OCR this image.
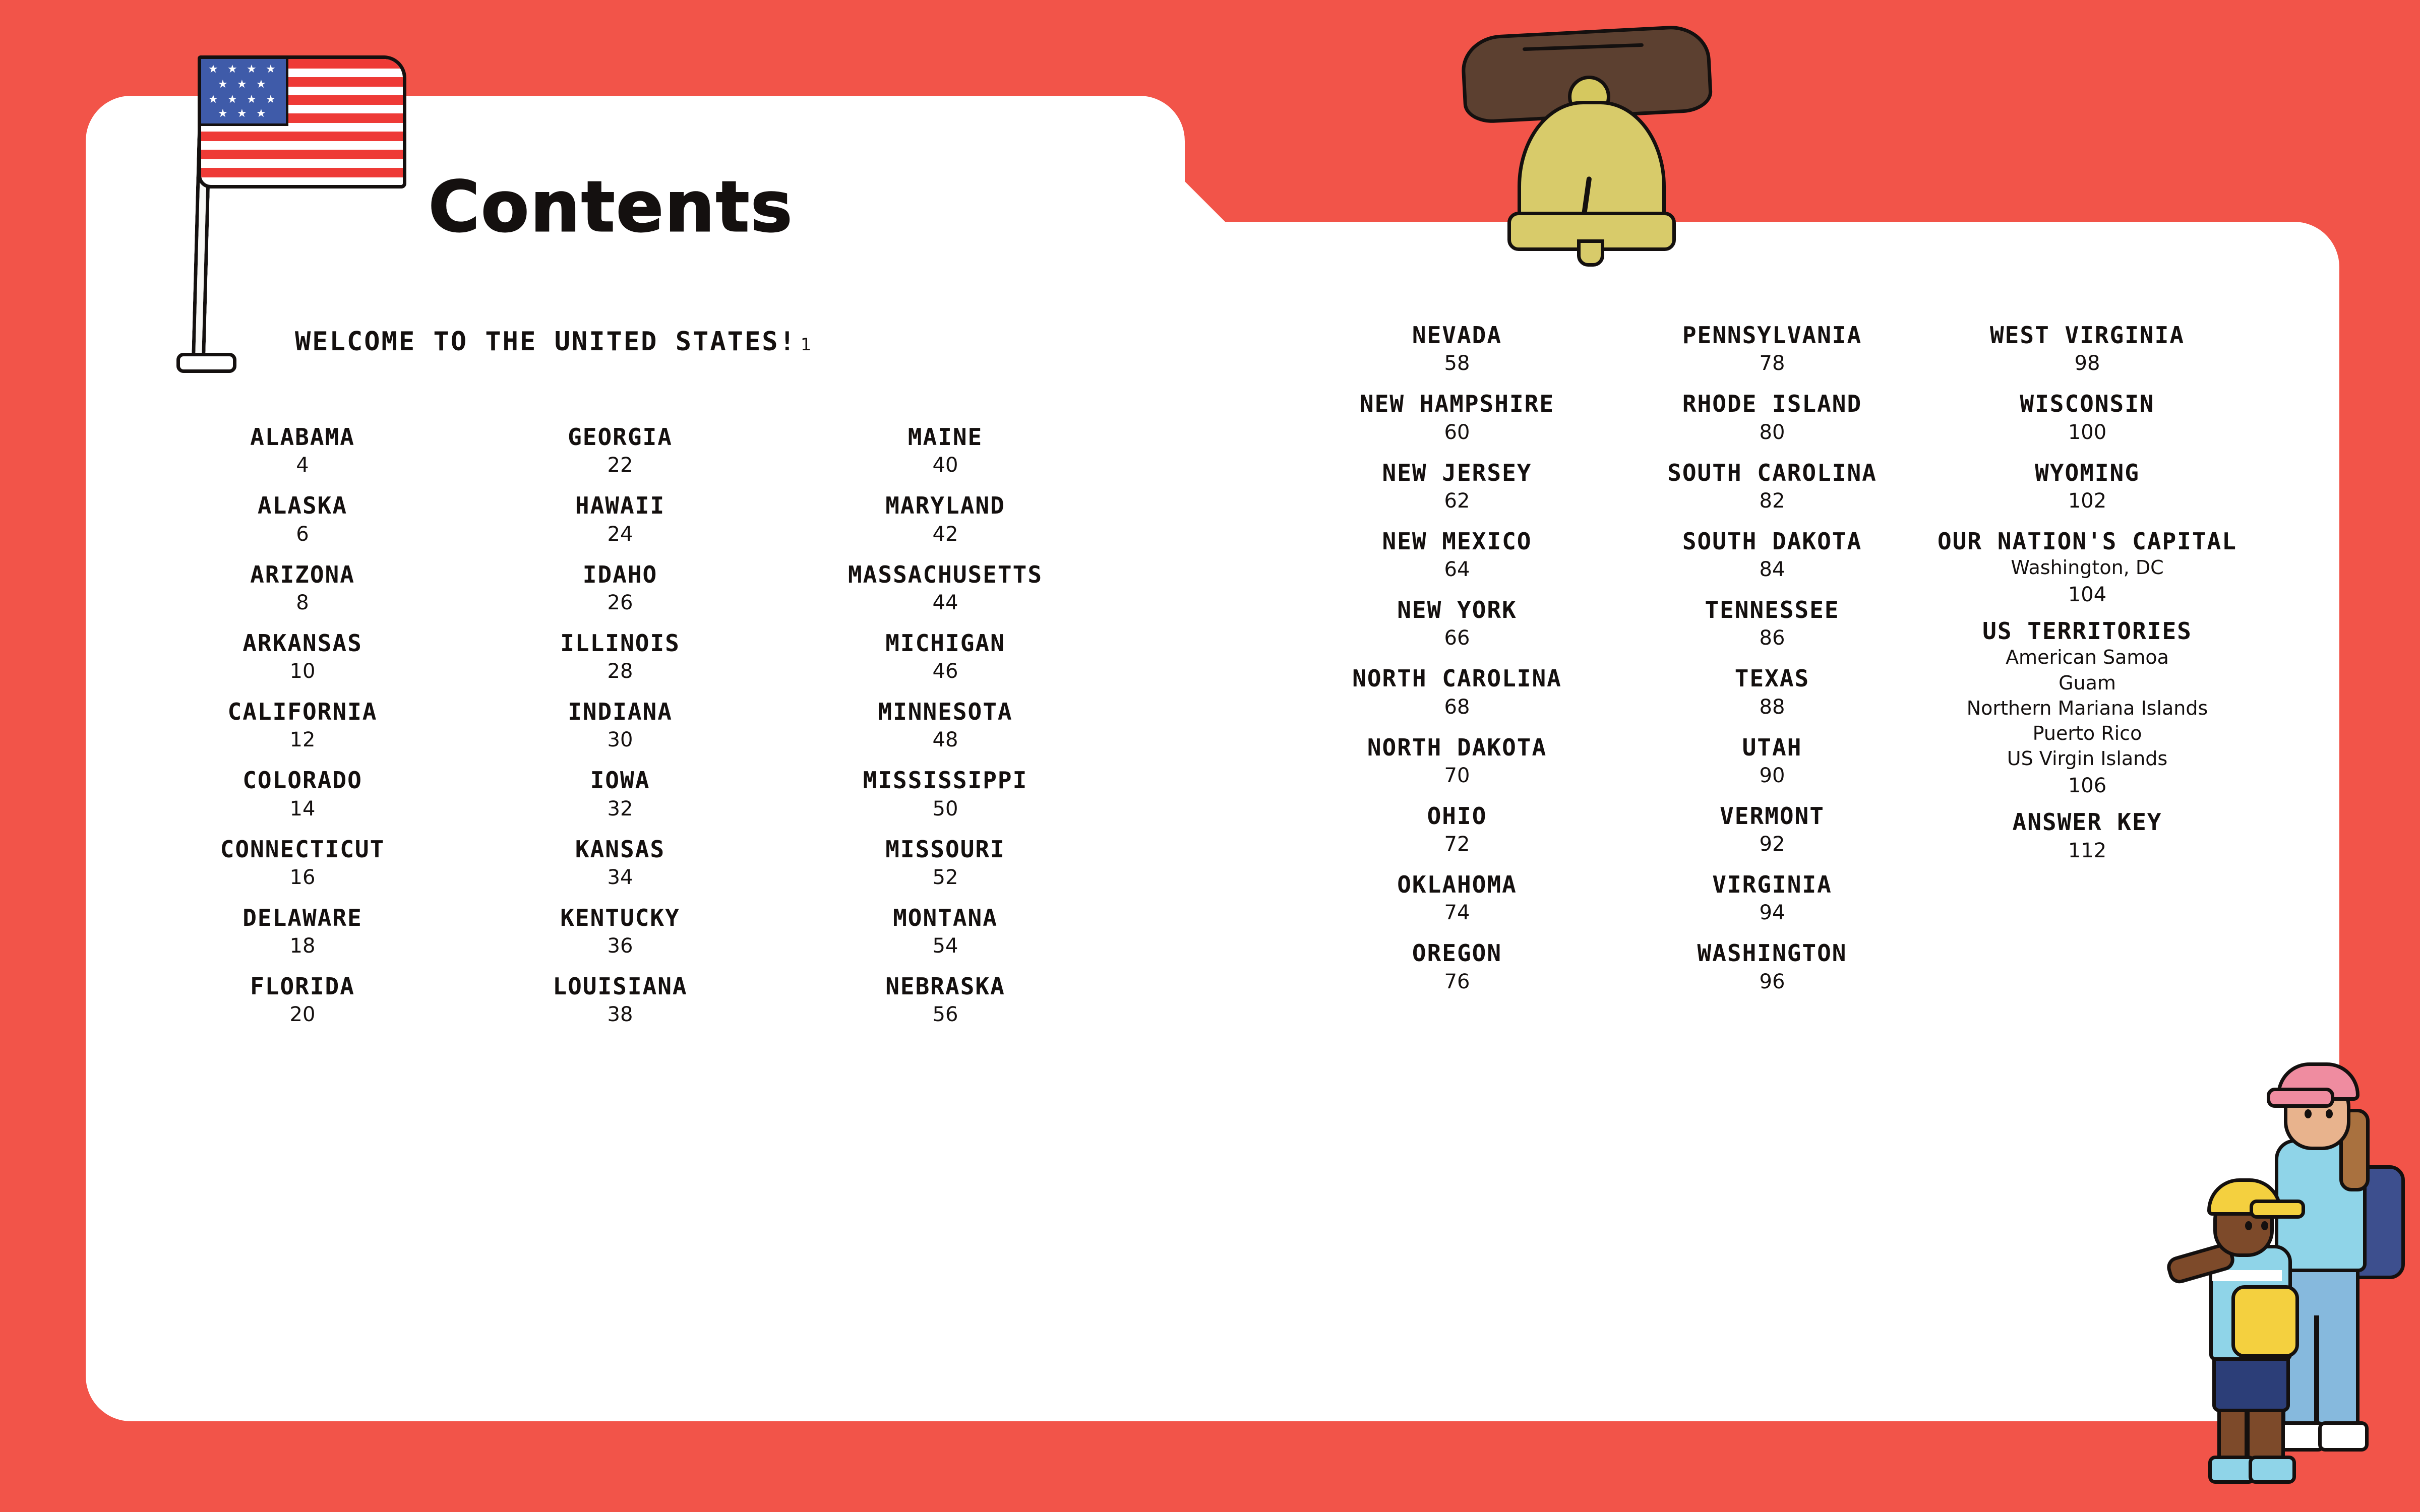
★ ★ ★ ★
★ ★ ★
★ ★ ★ ★
★ ★ ★
Contents
WELCOME TO THE UNITED STATES! 1
ALABAMA
4
ALASKA
6
ARIZONA
8
ARKANSAS
10
CALIFORNIA
12
COLORADO
14
CONNECTICUT
16
DELAWARE
18
FLORIDA
20
GEORGIA
22
HAWAII
24
IDAHO
26
ILLINOIS
28
INDIANA
30
IOWA
32
KANSAS
34
KENTUCKY
36
LOUISIANA
38
MAINE
40
MARYLAND
42
MASSACHUSETTS
44
MICHIGAN
46
MINNESOTA
48
MISSISSIPPI
50
MISSOURI
52
MONTANA
54
NEBRASKA
56
NEVADA
58
NEW HAMPSHIRE
60
NEW JERSEY
62
NEW MEXICO
64
NEW YORK
66
NORTH CAROLINA
68
NORTH DAKOTA
70
OHIO
72
OKLAHOMA
74
OREGON
76
PENNSYLVANIA
78
RHODE ISLAND
80
SOUTH CAROLINA
82
SOUTH DAKOTA
84
TENNESSEE
86
TEXAS
88
UTAH
90
VERMONT
92
VIRGINIA
94
WASHINGTON
96
WEST VIRGINIA
98
WISCONSIN
100
WYOMING
102
OUR NATION'S CAPITAL
Washington, DC
104
US TERRITORIES
American Samoa
Guam
Northern Mariana Islands
Puerto Rico
US Virgin Islands
106
ANSWER KEY
112
